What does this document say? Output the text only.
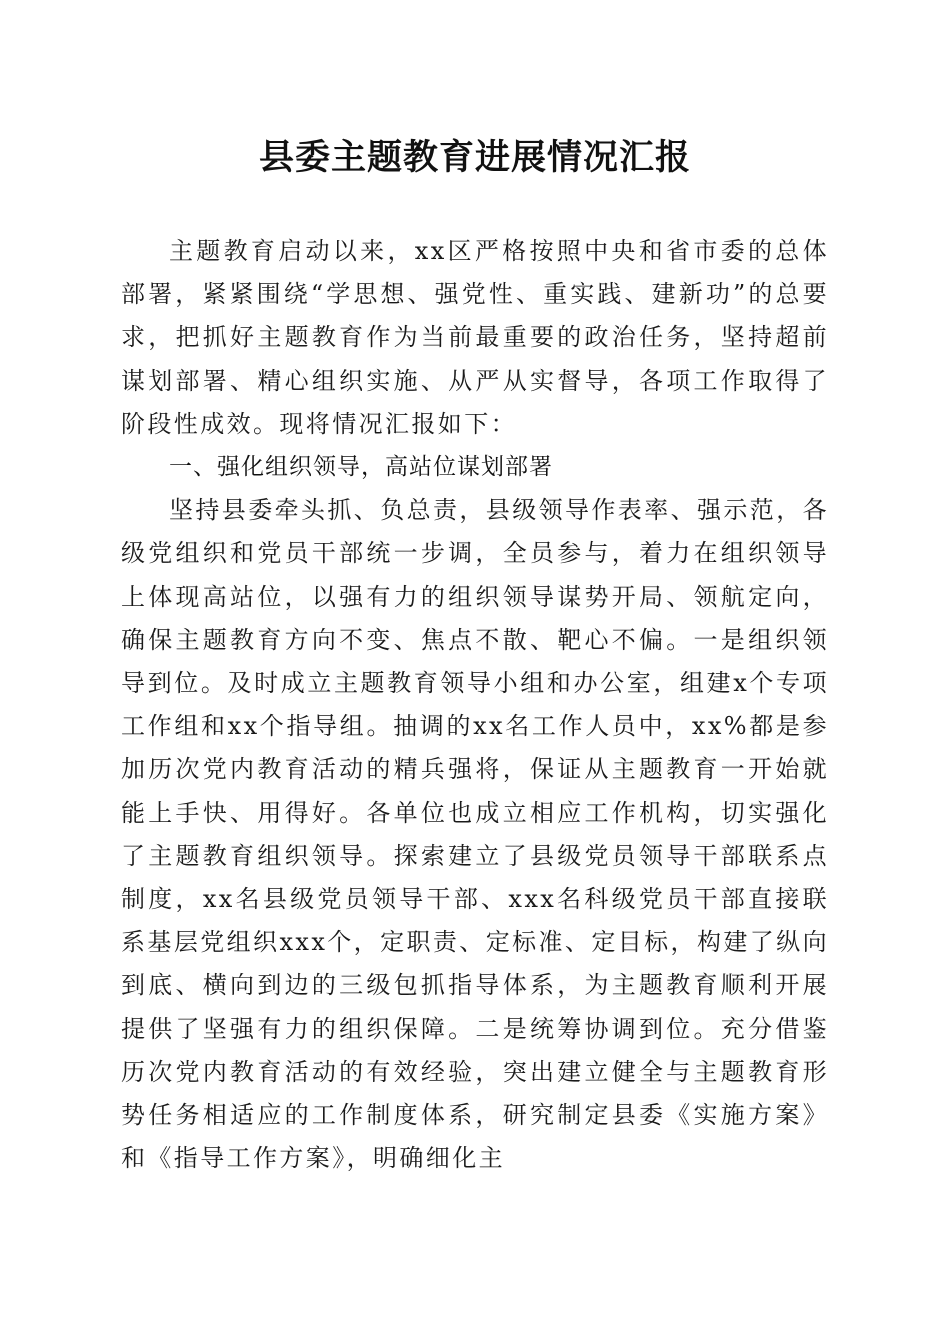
县委主题教育进展情况汇报

主题教育启动以来，xx区严格按照中央和省市委的总体部署，紧紧围绕“学思想、强党性、重实践、建新功”的总要求，把抓好主题教育作为当前最重要的政治任务，坚持超前谋划部署、精心组织实施、从严从实督导，各项工作取得了阶段性成效。现将情况汇报如下：

一、强化组织领导，高站位谋划部署

坚持县委牵头抓、负总责，县级领导作表率、强示范，各级党组织和党员干部统一步调，全员参与，着力在组织领导上体现高站位，以强有力的组织领导谋势开局、领航定向，确保主题教育方向不变、焦点不散、靶心不偏。一是组织领导到位。及时成立主题教育领导小组和办公室，组建x个专项工作组和xx个指导组。抽调的xx名工作人员中，xx%都是参加历次党内教育活动的精兵强将，保证从主题教育一开始就能上手快、用得好。各单位也成立相应工作机构，切实强化了主题教育组织领导。探索建立了县级党员领导干部联系点制度，xx名县级党员领导干部、xxx名科级党员干部直接联系基层党组织xxx个，定职责、定标准、定目标，构建了纵向到底、横向到边的三级包抓指导体系，为主题教育顺利开展提供了坚强有力的组织保障。二是统筹协调到位。充分借鉴历次党内教育活动的有效经验，突出建立健全与主题教育形势任务相适应的工作制度体系，研究制定县委《实施方案》和《指导工作方案》，明确细化主
